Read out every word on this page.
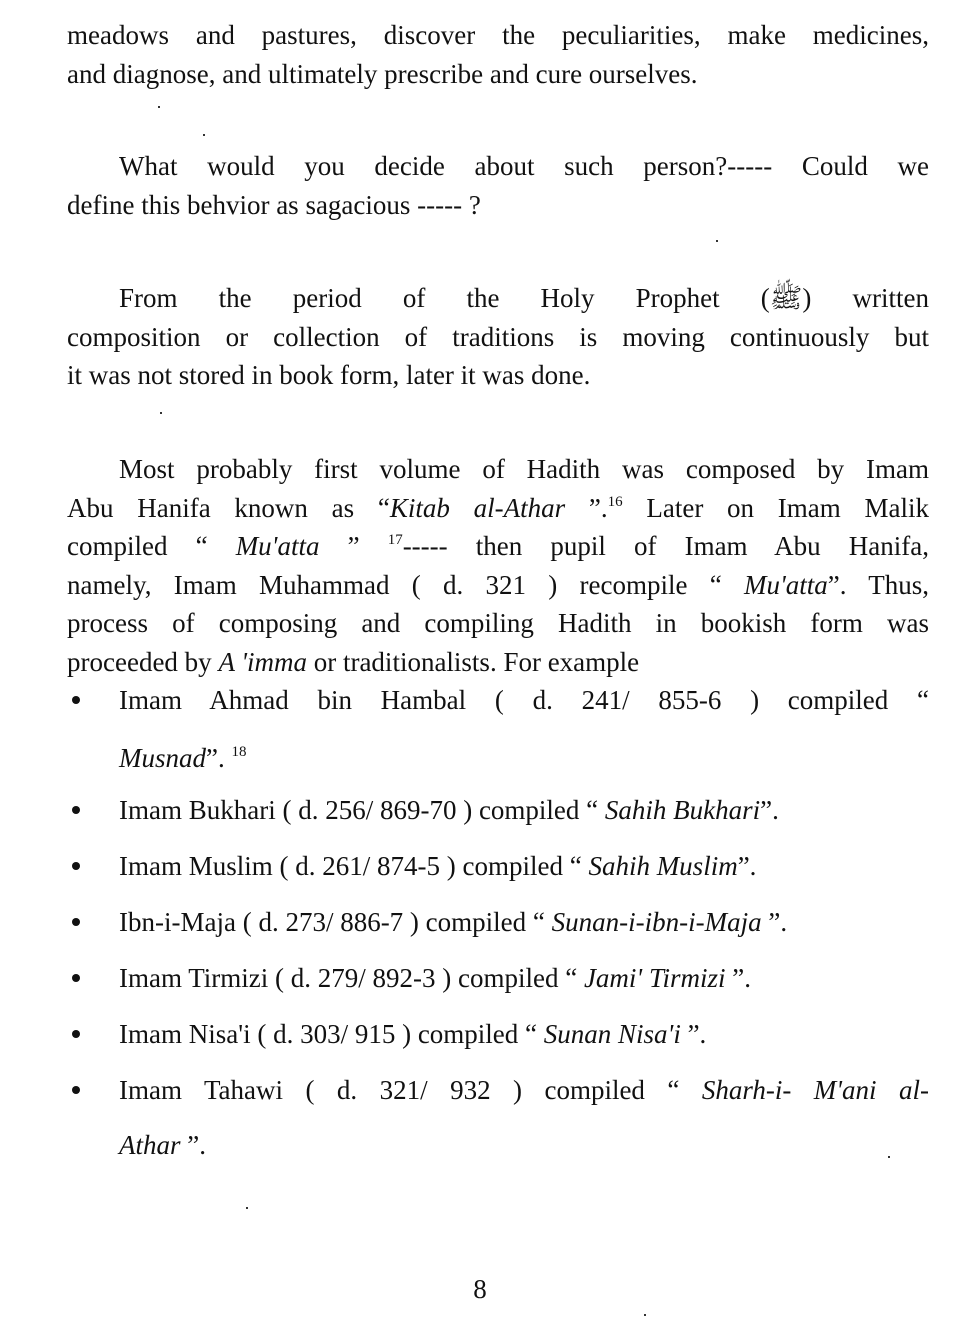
meadows and pastures, discover the peculiarities, make medicines,
and diagnose, and ultimately prescribe and cure ourselves.

What would you decide about such person?----- Could we
define this behvior as sagacious ----- ?

From the period of the Holy Prophet (ﷺ) written
composition or collection of traditions is moving continuously but
it was not stored in book form, later it was done.

Most probably first volume of Hadith was composed by Imam
Abu Hanifa known as “Kitab al-Athar ”.$^{16}$ Later on Imam Malik
compiled “ Mu'atta ” $^{17}$----- then pupil of Imam Abu Hanifa,
namely, Imam Muhammad ( d. 321 ) recompile “ Mu'atta”. Thus,
process of composing and compiling Hadith in bookish form was
proceeded by A 'imma or traditionalists. For example

Imam Ahmad bin Hambal ( d. 241/ 855-6 ) compiled “
Musnad”. $^{18}$
Imam Bukhari ( d. 256/ 869-70 ) compiled “ Sahih Bukhari”.
Imam Muslim ( d. 261/ 874-5 ) compiled “ Sahih Muslim”.
Ibn-i-Maja ( d. 273/ 886-7 ) compiled “ Sunan-i-ibn-i-Maja ”.
Imam Tirmizi ( d. 279/ 892-3 ) compiled “ Jami' Tirmizi ”.
Imam Nisa'i ( d. 303/ 915 ) compiled “ Sunan Nisa'i ”.
Imam Tahawi ( d. 321/ 932 ) compiled “ Sharh-i- M'ani al-
Athar ”.
8
